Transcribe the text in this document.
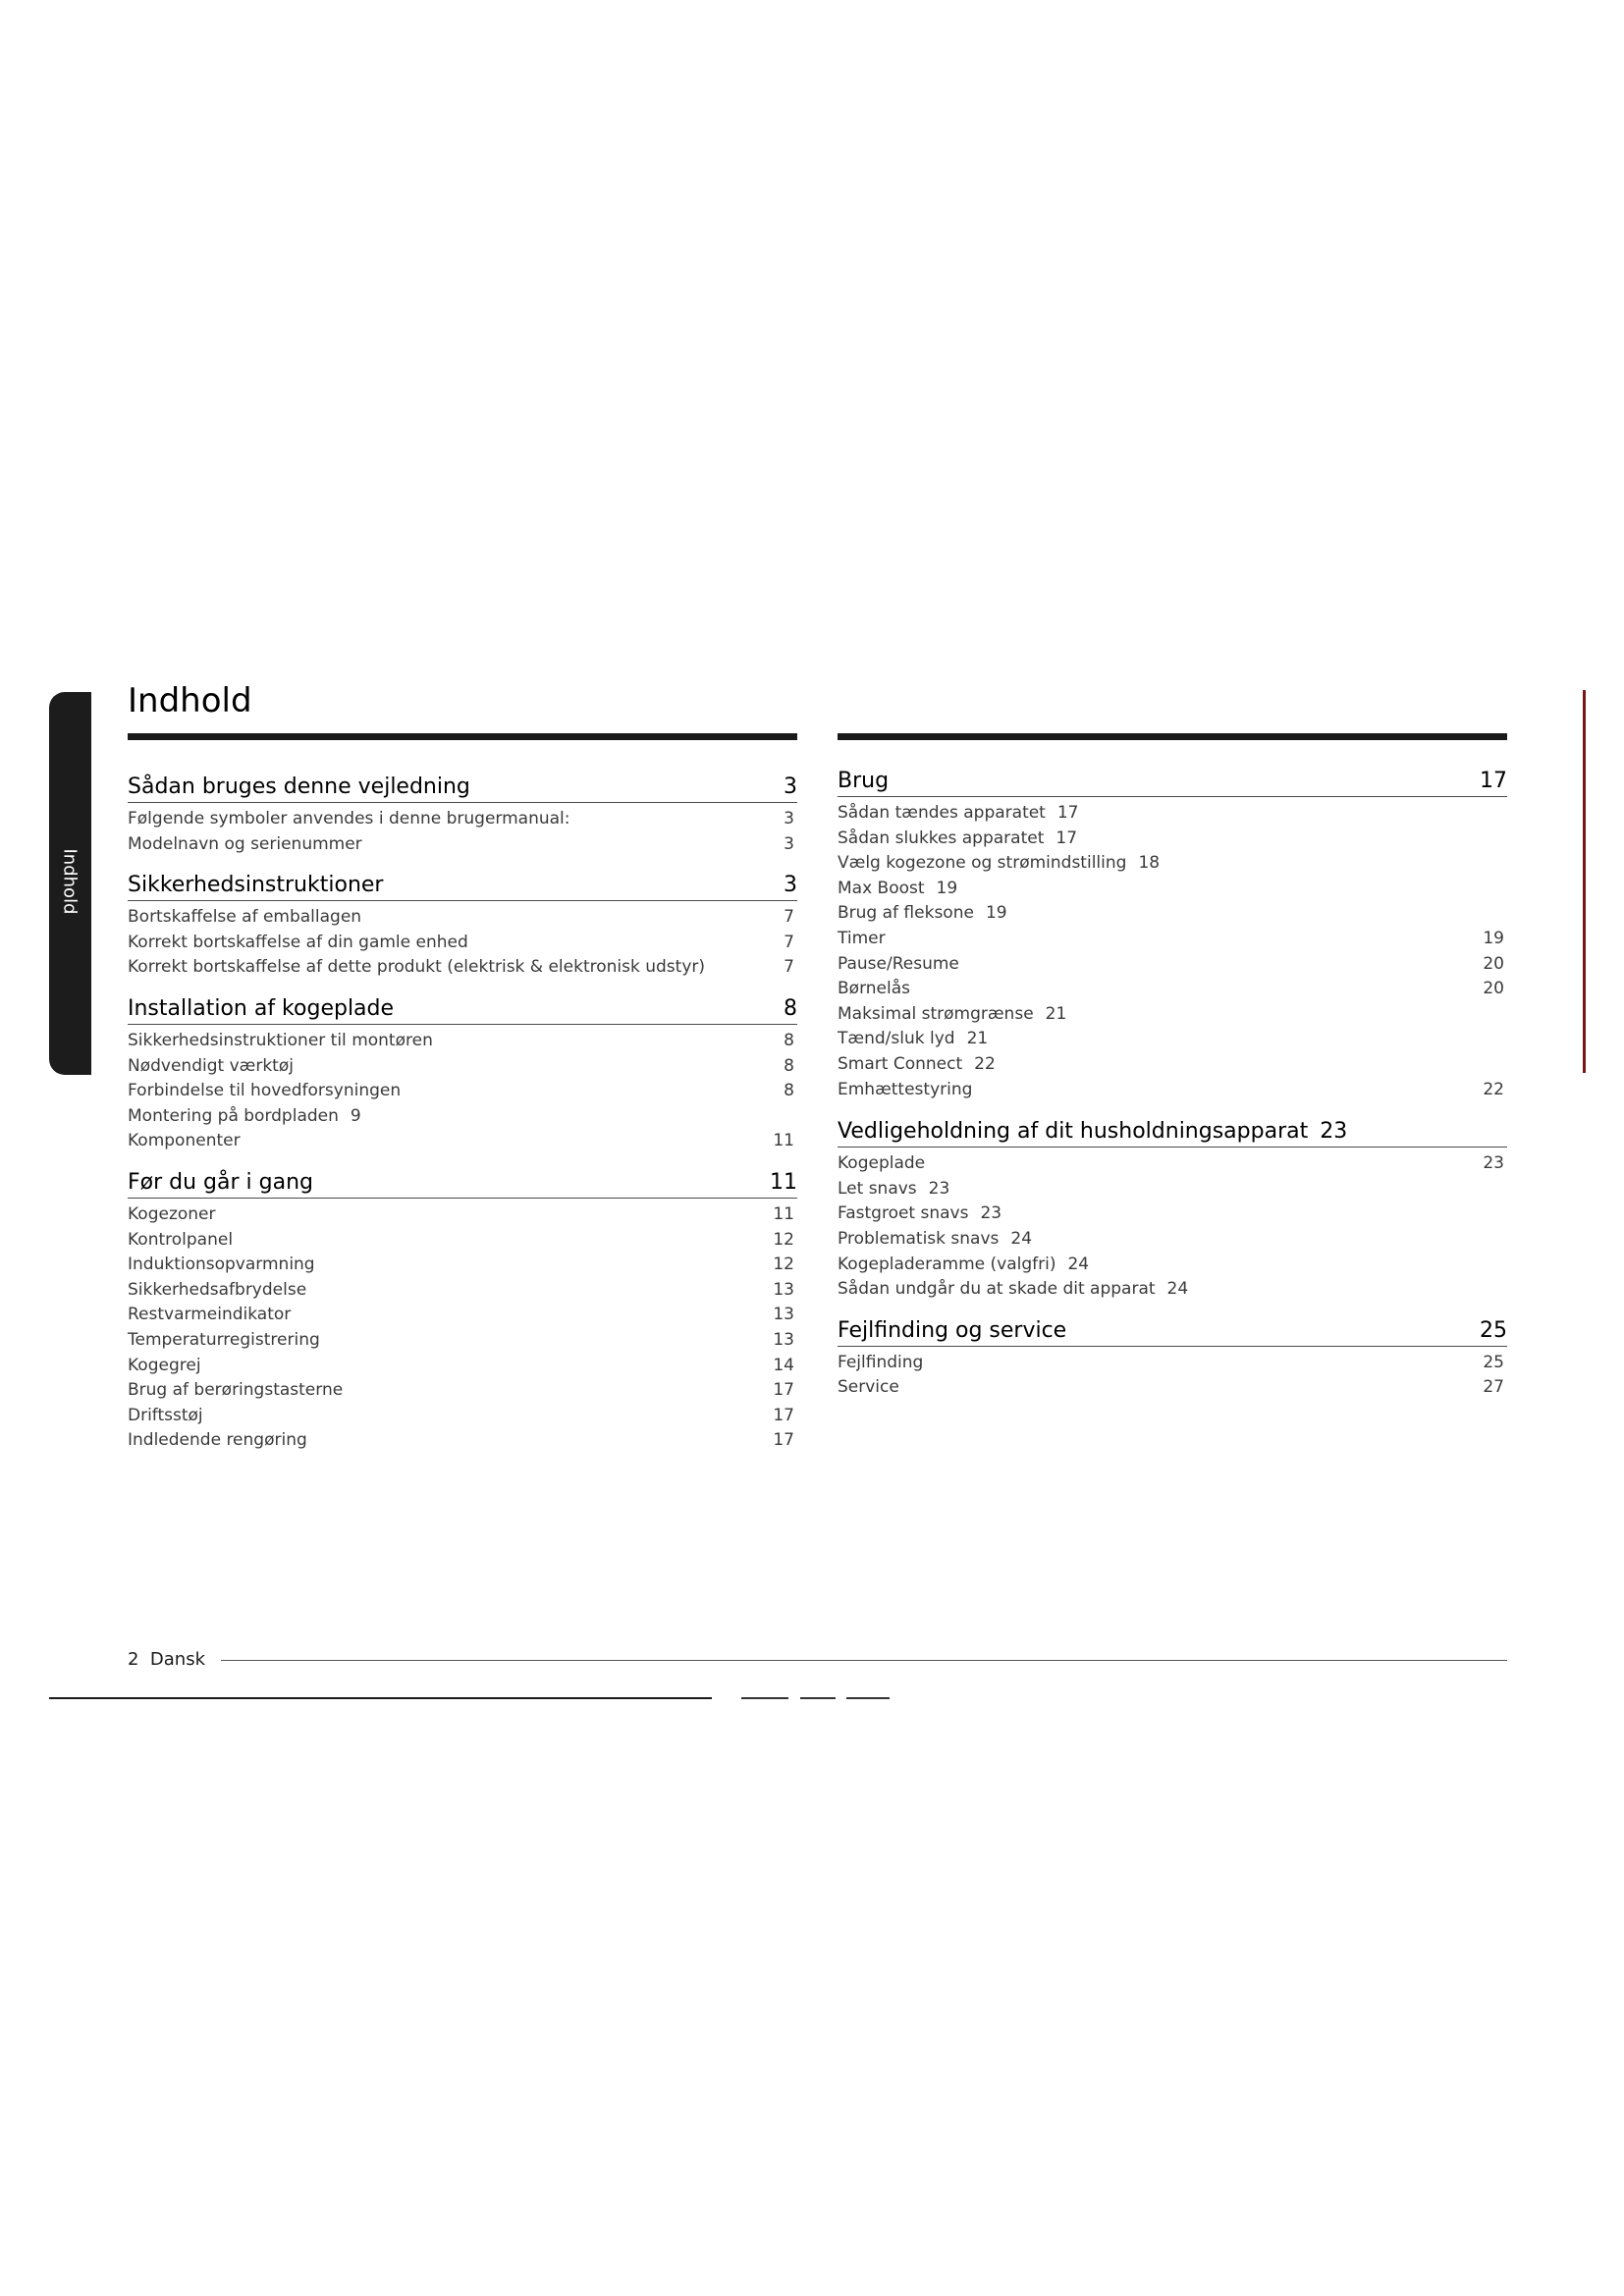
Indhold
Indhold
Sådan bruges denne vejledning	3
Følgende symboler anvendes i denne brugermanual:	3
Modelnavn og serienummer	3
Sikkerhedsinstruktioner	3
Bortskaffelse af emballagen	7
Korrekt bortskaffelse af din gamle enhed	7
Korrekt bortskaffelse af dette produkt (elektrisk & elektronisk udstyr)	7
Installation af kogeplade	8
Sikkerhedsinstruktioner til montøren	8
Nødvendigt værktøj	8
Forbindelse til hovedforsyningen	8
Montering på bordpladen 9
Komponenter	11
Før du går i gang	11
Kogezoner	11
Kontrolpanel	12
Induktionsopvarmning	12
Sikkerhedsafbrydelse	13
Restvarmeindikator	13
Temperaturregistrering	13
Kogegrej	14
Brug af berøringstasterne	17
Driftsstøj	17
Indledende rengøring	17
Brug	17
Sådan tændes apparatet 17
Sådan slukkes apparatet 17
Vælg kogezone og strømindstilling 18
Max Boost 19
Brug af fleksone 19
Timer	19
Pause/Resume	20
Børnelås	20
Maksimal strømgrænse 21
Tænd/sluk lyd 21
Smart Connect 22
Emhættestyring	22
Vedligeholdning af dit husholdningsapparat 23
Kogeplade	23
Let snavs 23
Fastgroet snavs 23
Problematisk snavs 24
Kogepladeramme (valgfri) 24
Sådan undgår du at skade dit apparat 24
Fejlfinding og service	25
Fejlfinding	25
Service	27
2 Dansk
